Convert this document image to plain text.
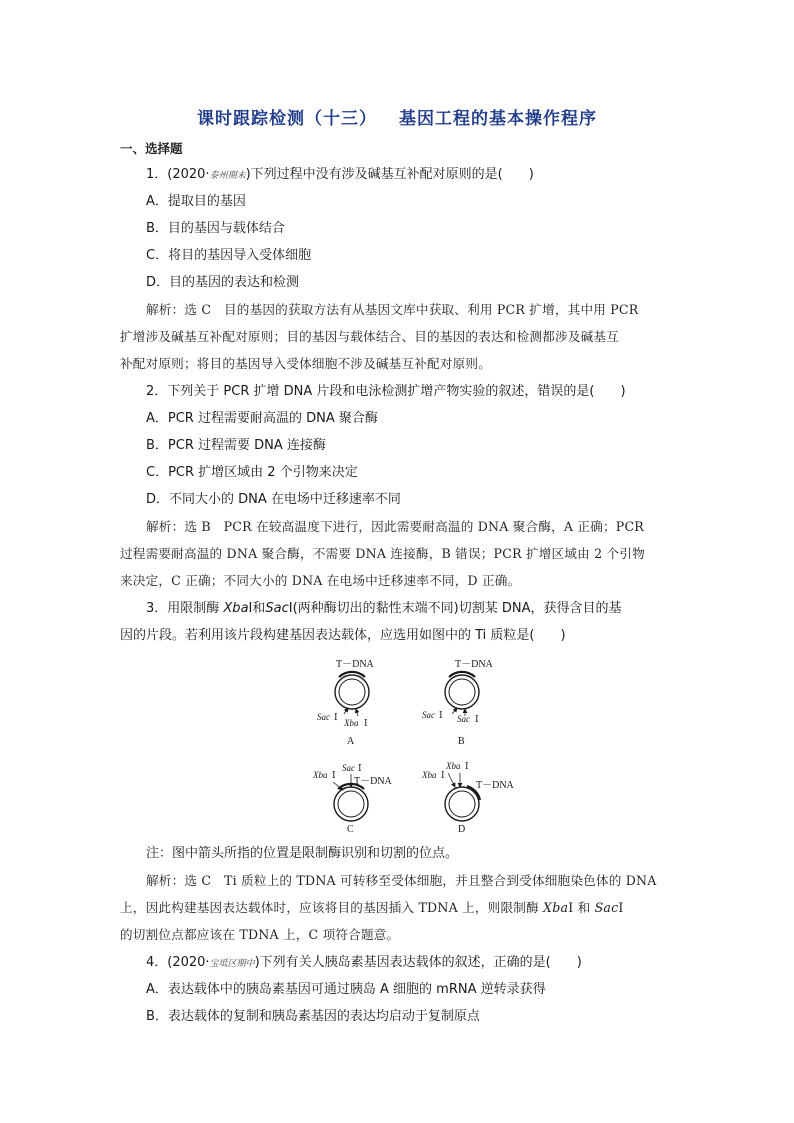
课时跟踪检测（十三） 基因工程的基本操作程序
一、选择题
1．(2020·泰州期末)下列过程中没有涉及碱基互补配对原则的是(　　)
A．提取目的基因
B．目的基因与载体结合
C．将目的基因导入受体细胞
D．目的基因的表达和检测
解析：选 C　目的基因的获取方法有从基因文库中获取、利用 PCR 扩增，其中用 PCR
扩增涉及碱基互补配对原则；目的基因与载体结合、目的基因的表达和检测都涉及碱基互
补配对原则；将目的基因导入受体细胞不涉及碱基互补配对原则。
2．下列关于 PCR 扩增 DNA 片段和电泳检测扩增产物实验的叙述，错误的是(　　)
A．PCR 过程需要耐高温的 DNA 聚合酶
B．PCR 过程需要 DNA 连接酶
C．PCR 扩增区域由 2 个引物来决定
D．不同大小的 DNA 在电场中迁移速率不同
解析：选 B　PCR 在较高温度下进行，因此需要耐高温的 DNA 聚合酶，A 正确；PCR
过程需要耐高温的 DNA 聚合酶，不需要 DNA 连接酶，B 错误；PCR 扩增区域由 2 个引物
来决定，C 正确；不同大小的 DNA 在电场中迁移速率不同，D 正确。
3．用限制酶 XbaⅠ和SacⅠ(两种酶切出的黏性末端不同)切割某 DNA，获得含目的基
因的片段。若利用该片段构建基因表达载体，应选用如图中的 Ti 质粒是(　　)
T－DNA
Sac Ⅰ
Xba Ⅰ
A
T－DNA
Sac Ⅰ Sac Ⅰ
B
Xba Ⅰ
Sac Ⅰ
T－DNA
C
Xba Ⅰ
Xba Ⅰ
T－DNA
D
注：图中箭头所指的位置是限制酶识别和切割的位点。
解析：选 C　Ti 质粒上的 TDNA 可转移至受体细胞，并且整合到受体细胞染色体的 DNA
上，因此构建基因表达载体时，应该将目的基因插入 TDNA 上，则限制酶 XbaⅠ 和 SacⅠ
的切割位点都应该在 TDNA 上，C 项符合题意。
4．(2020·宝坻区期中)下列有关人胰岛素基因表达载体的叙述，正确的是(　　)
A．表达载体中的胰岛素基因可通过胰岛 A 细胞的 mRNA 逆转录获得
B．表达载体的复制和胰岛素基因的表达均启动于复制原点
